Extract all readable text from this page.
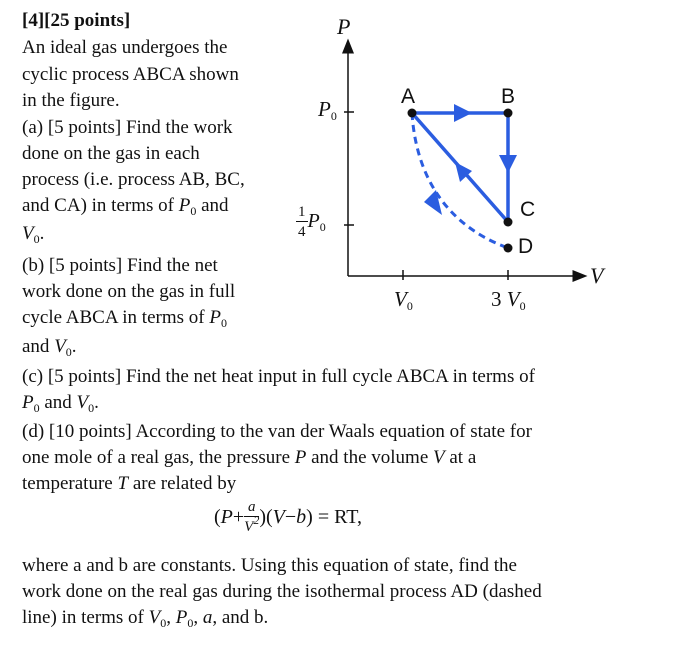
P
V
$P_0$
$\frac{1}{4} P_0$
$V_0$	3 $V_0$
A	B
C
D
[4][25 points]
An ideal gas undergoes the
cyclic process ABCA shown
in the figure.
(a) [5 points] Find the work
done on the gas in each
process (i.e. process AB, BC,
and CA) in terms of $P_0$ and
$V_0$.
(b) [5 points] Find the net
work done on the gas in full
cycle ABCA in terms of $P_0$
and $V_0$.
(c) [5 points] Find the net heat input in full cycle ABCA in terms of
$P_0$ and $V_0$.
(d) [10 points] According to the van der Waals equation of state for
one mole of a real gas, the pressure P and the volume V at a
temperature T are related by
( $P + \frac{a}{V^2}$ )( V − b ) = RT,
where a and b are constants. Using this equation of state, find the
work done on the real gas during the isothermal process AD (dashed
line) in terms of $V_0$, $P_0$, a, and b.
